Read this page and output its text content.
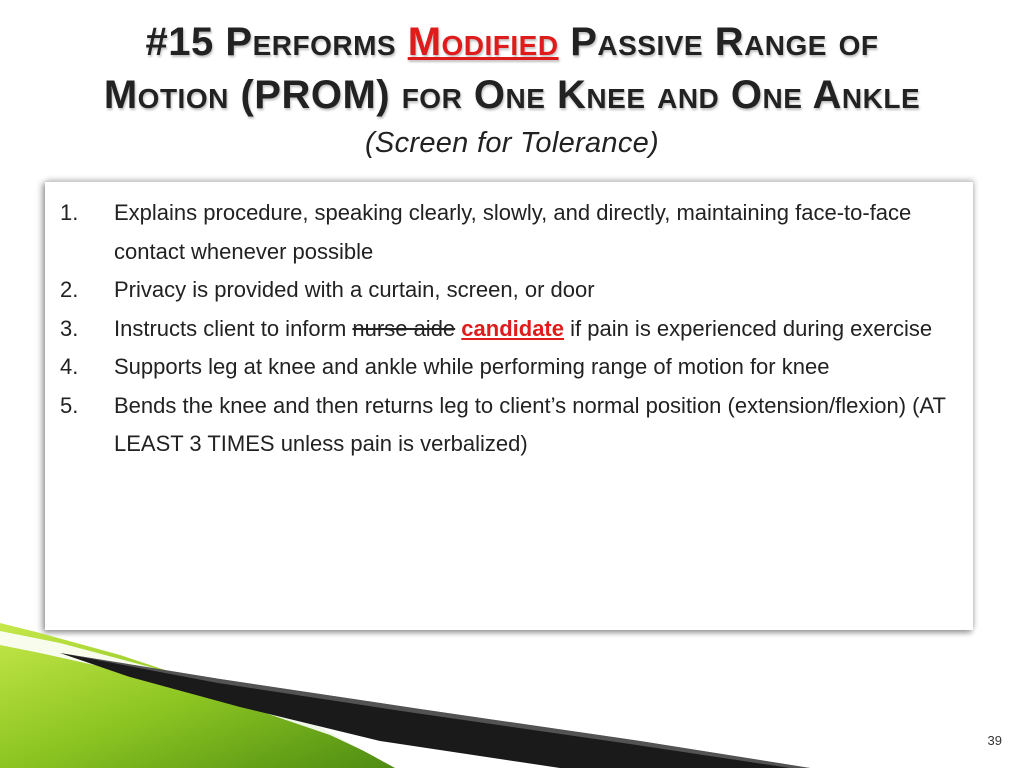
#15 Performs Modified Passive Range of
Motion (PROM) for One Knee and One Ankle
(Screen for Tolerance)
1. Explains procedure, speaking clearly, slowly, and directly, maintaining face-to-face contact whenever possible
2. Privacy is provided with a curtain, screen, or door
3. Instructs client to inform nurse aide candidate if pain is experienced during exercise
4. Supports leg at knee and ankle while performing range of motion for knee
5. Bends the knee and then returns leg to client’s normal position (extension/flexion) (AT LEAST 3 TIMES unless pain is verbalized)
39
